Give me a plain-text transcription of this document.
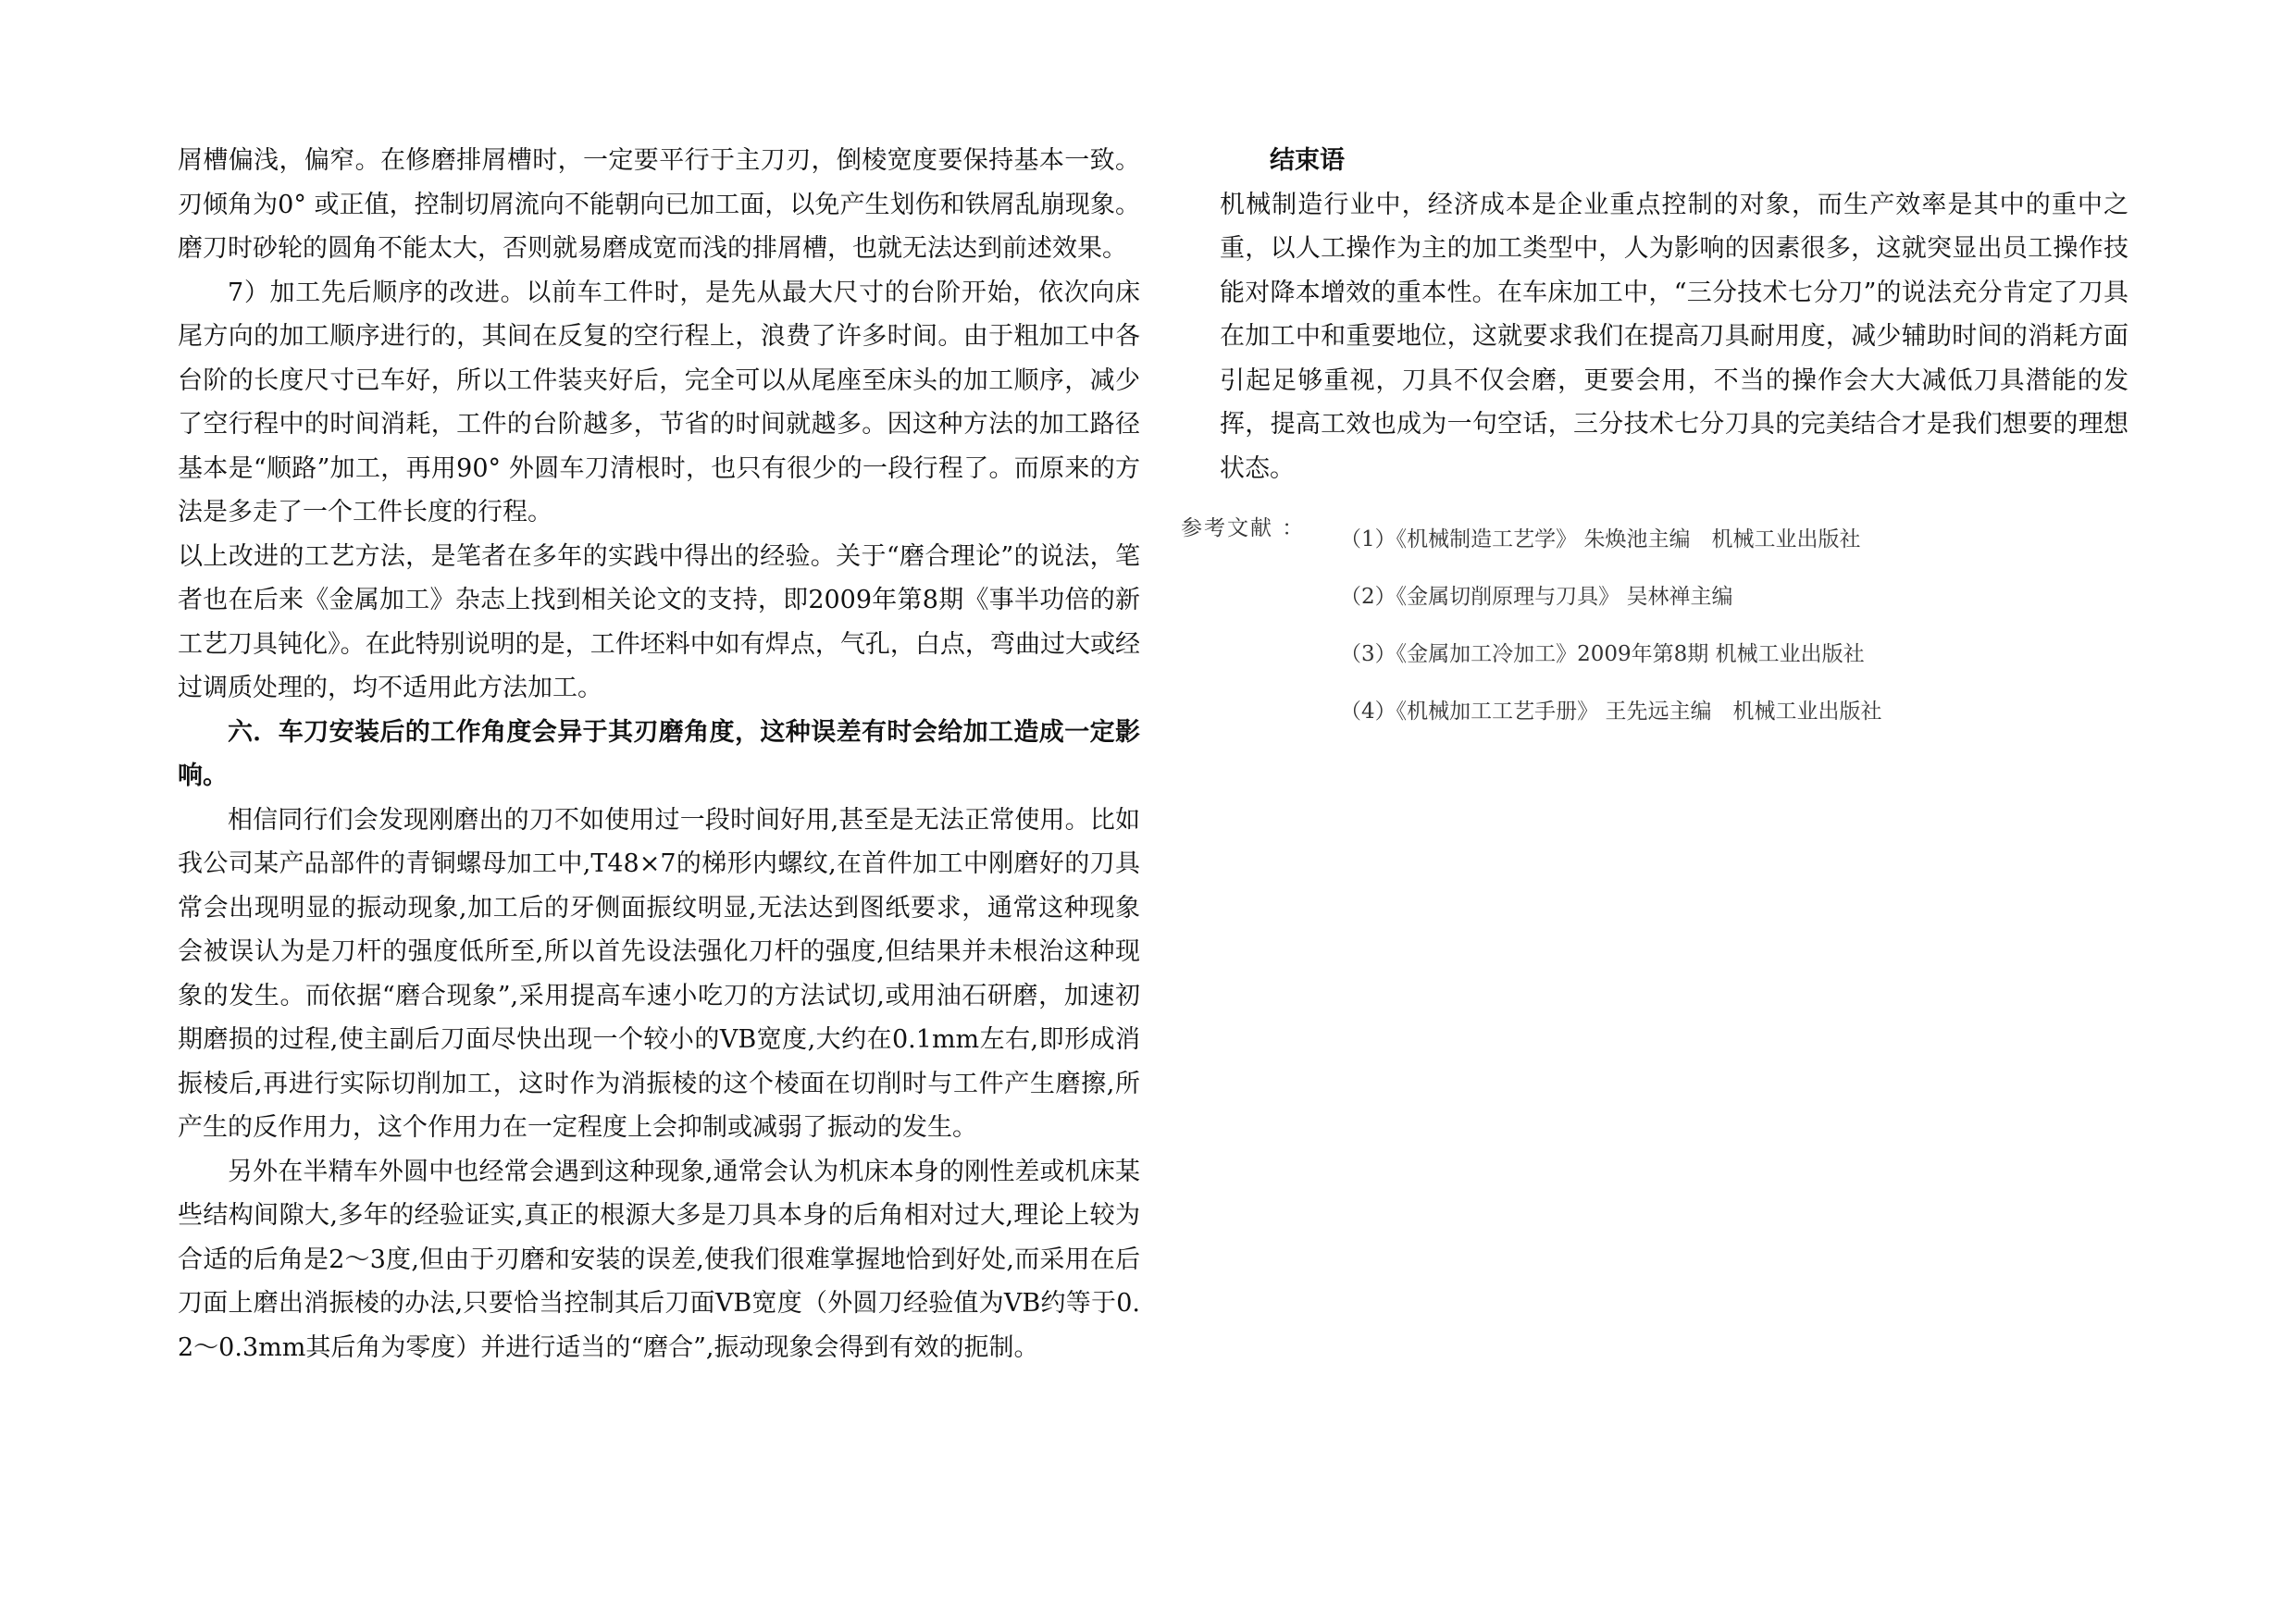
屑槽偏浅，偏窄。在修磨排屑槽时，一定要平行于主刀刃，倒棱宽度要保持基本一致。刃倾角为0° 或正值，控制切屑流向不能朝向已加工面，以免产生划伤和铁屑乱崩现象。磨刀时砂轮的圆角不能太大，否则就易磨成宽而浅的排屑槽，也就无法达到前述效果。

7）加工先后顺序的改进。以前车工件时，是先从最大尺寸的台阶开始，依次向床尾方向的加工顺序进行的，其间在反复的空行程上，浪费了许多时间。由于粗加工中各台阶的长度尺寸已车好，所以工件装夹好后，完全可以从尾座至床头的加工顺序，减少了空行程中的时间消耗，工件的台阶越多，节省的时间就越多。因这种方法的加工路径基本是“顺路”加工，再用90° 外圆车刀清根时，也只有很少的一段行程了。而原来的方法是多走了一个工件长度的行程。

以上改进的工艺方法，是笔者在多年的实践中得出的经验。关于“磨合理论”的说法，笔者也在后来《金属加工》杂志上找到相关论文的支持，即2009年第8期《事半功倍的新工艺刀具钝化》。在此特别说明的是，工件坯料中如有焊点，气孔，白点，弯曲过大或经过调质处理的，均不适用此方法加工。

六．车刀安装后的工作角度会异于其刃磨角度，这种误差有时会给加工造成一定影响。

相信同行们会发现刚磨出的刀不如使用过一段时间好用,甚至是无法正常使用。比如我公司某产品部件的青铜螺母加工中,T48×7的梯形内螺纹,在首件加工中刚磨好的刀具常会出现明显的振动现象,加工后的牙侧面振纹明显,无法达到图纸要求，通常这种现象会被误认为是刀杆的强度低所至,所以首先设法强化刀杆的强度,但结果并未根治这种现象的发生。而依据“磨合现象”,采用提高车速小吃刀的方法试切,或用油石研磨，加速初期磨损的过程,使主副后刀面尽快出现一个较小的VB宽度,大约在0.1mm左右,即形成消振棱后,再进行实际切削加工，这时作为消振棱的这个棱面在切削时与工件产生磨擦,所产生的反作用力，这个作用力在一定程度上会抑制或减弱了振动的发生。

另外在半精车外圆中也经常会遇到这种现象,通常会认为机床本身的刚性差或机床某些结构间隙大,多年的经验证实,真正的根源大多是刀具本身的后角相对过大,理论上较为合适的后角是2～3度,但由于刃磨和安装的误差,使我们很难掌握地恰到好处,而采用在后刀面上磨出消振棱的办法,只要恰当控制其后刀面VB宽度（外圆刀经验值为VB约等于0.2～0.3mm其后角为零度）并进行适当的“磨合”,振动现象会得到有效的扼制。

结束语

机械制造行业中，经济成本是企业重点控制的对象，而生产效率是其中的重中之重，以人工操作为主的加工类型中，人为影响的因素很多，这就突显出员工操作技能对降本增效的重本性。在车床加工中，“三分技术七分刀”的说法充分肯定了刀具在加工中和重要地位，这就要求我们在提高刀具耐用度，减少辅助时间的消耗方面引起足够重视，刀具不仅会磨，更要会用，不当的操作会大大减低刀具潜能的发挥，提高工效也成为一句空话，三分技术七分刀具的完美结合才是我们想要的理想状态。

参考文献 ： （1）《机械制造工艺学》 朱焕池主编　机械工业出版社
（2）《金属切削原理与刀具》 吴林禅主编
（3）《金属加工冷加工》2009年第8期 机械工业出版社
（4）《机械加工工艺手册》 王先远主编　机械工业出版社
